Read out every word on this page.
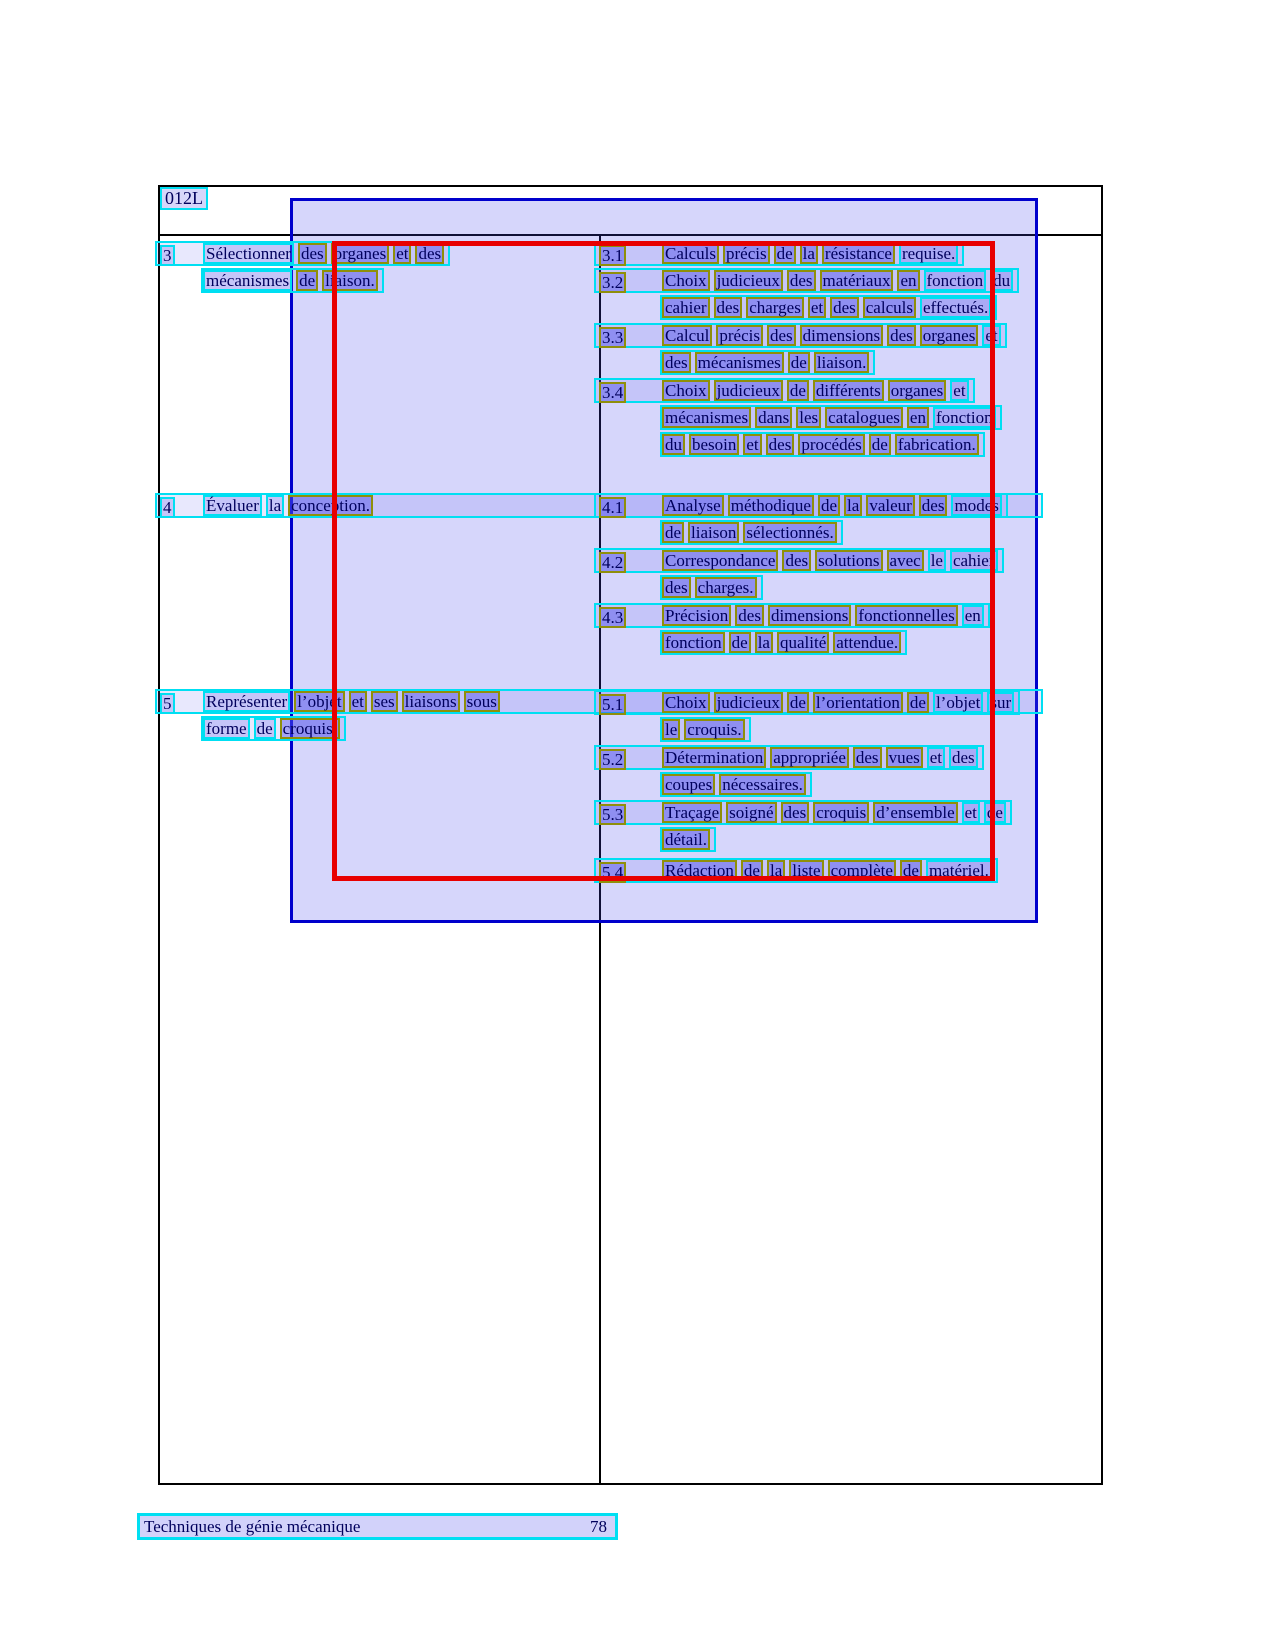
012L
3 Sélectionner des organes et des
mécanismes de liaison.
3.1 Calculs précis de la résistance requise.
3.2 Choix judicieux des matériaux en fonction du
cahier des charges et des calculs effectués.
3.3 Calcul précis des dimensions des organes et
des mécanismes de liaison.
3.4 Choix judicieux de différents organes et
mécanismes dans les catalogues en fonction
du besoin et des procédés de fabrication.
4 Évaluer la conception.	4.1 Analyse méthodique de la valeur des modes
de liaison sélectionnés.
4.2 Correspondance des solutions avec le cahier
des charges.
4.3 Précision des dimensions fonctionnelles en
fonction de la qualité attendue.
5 Représenter l’objet et ses liaisons sous
forme de croquis.
5.1 Choix judicieux de l’orientation de l’objet sur
le croquis.
5.2 Détermination appropriée des vues et des
coupes nécessaires.
5.3 Traçage soigné des croquis d’ensemble et de
détail.
5.4 Rédaction de la liste complète de matériel.
Techniques de génie mécanique	78
